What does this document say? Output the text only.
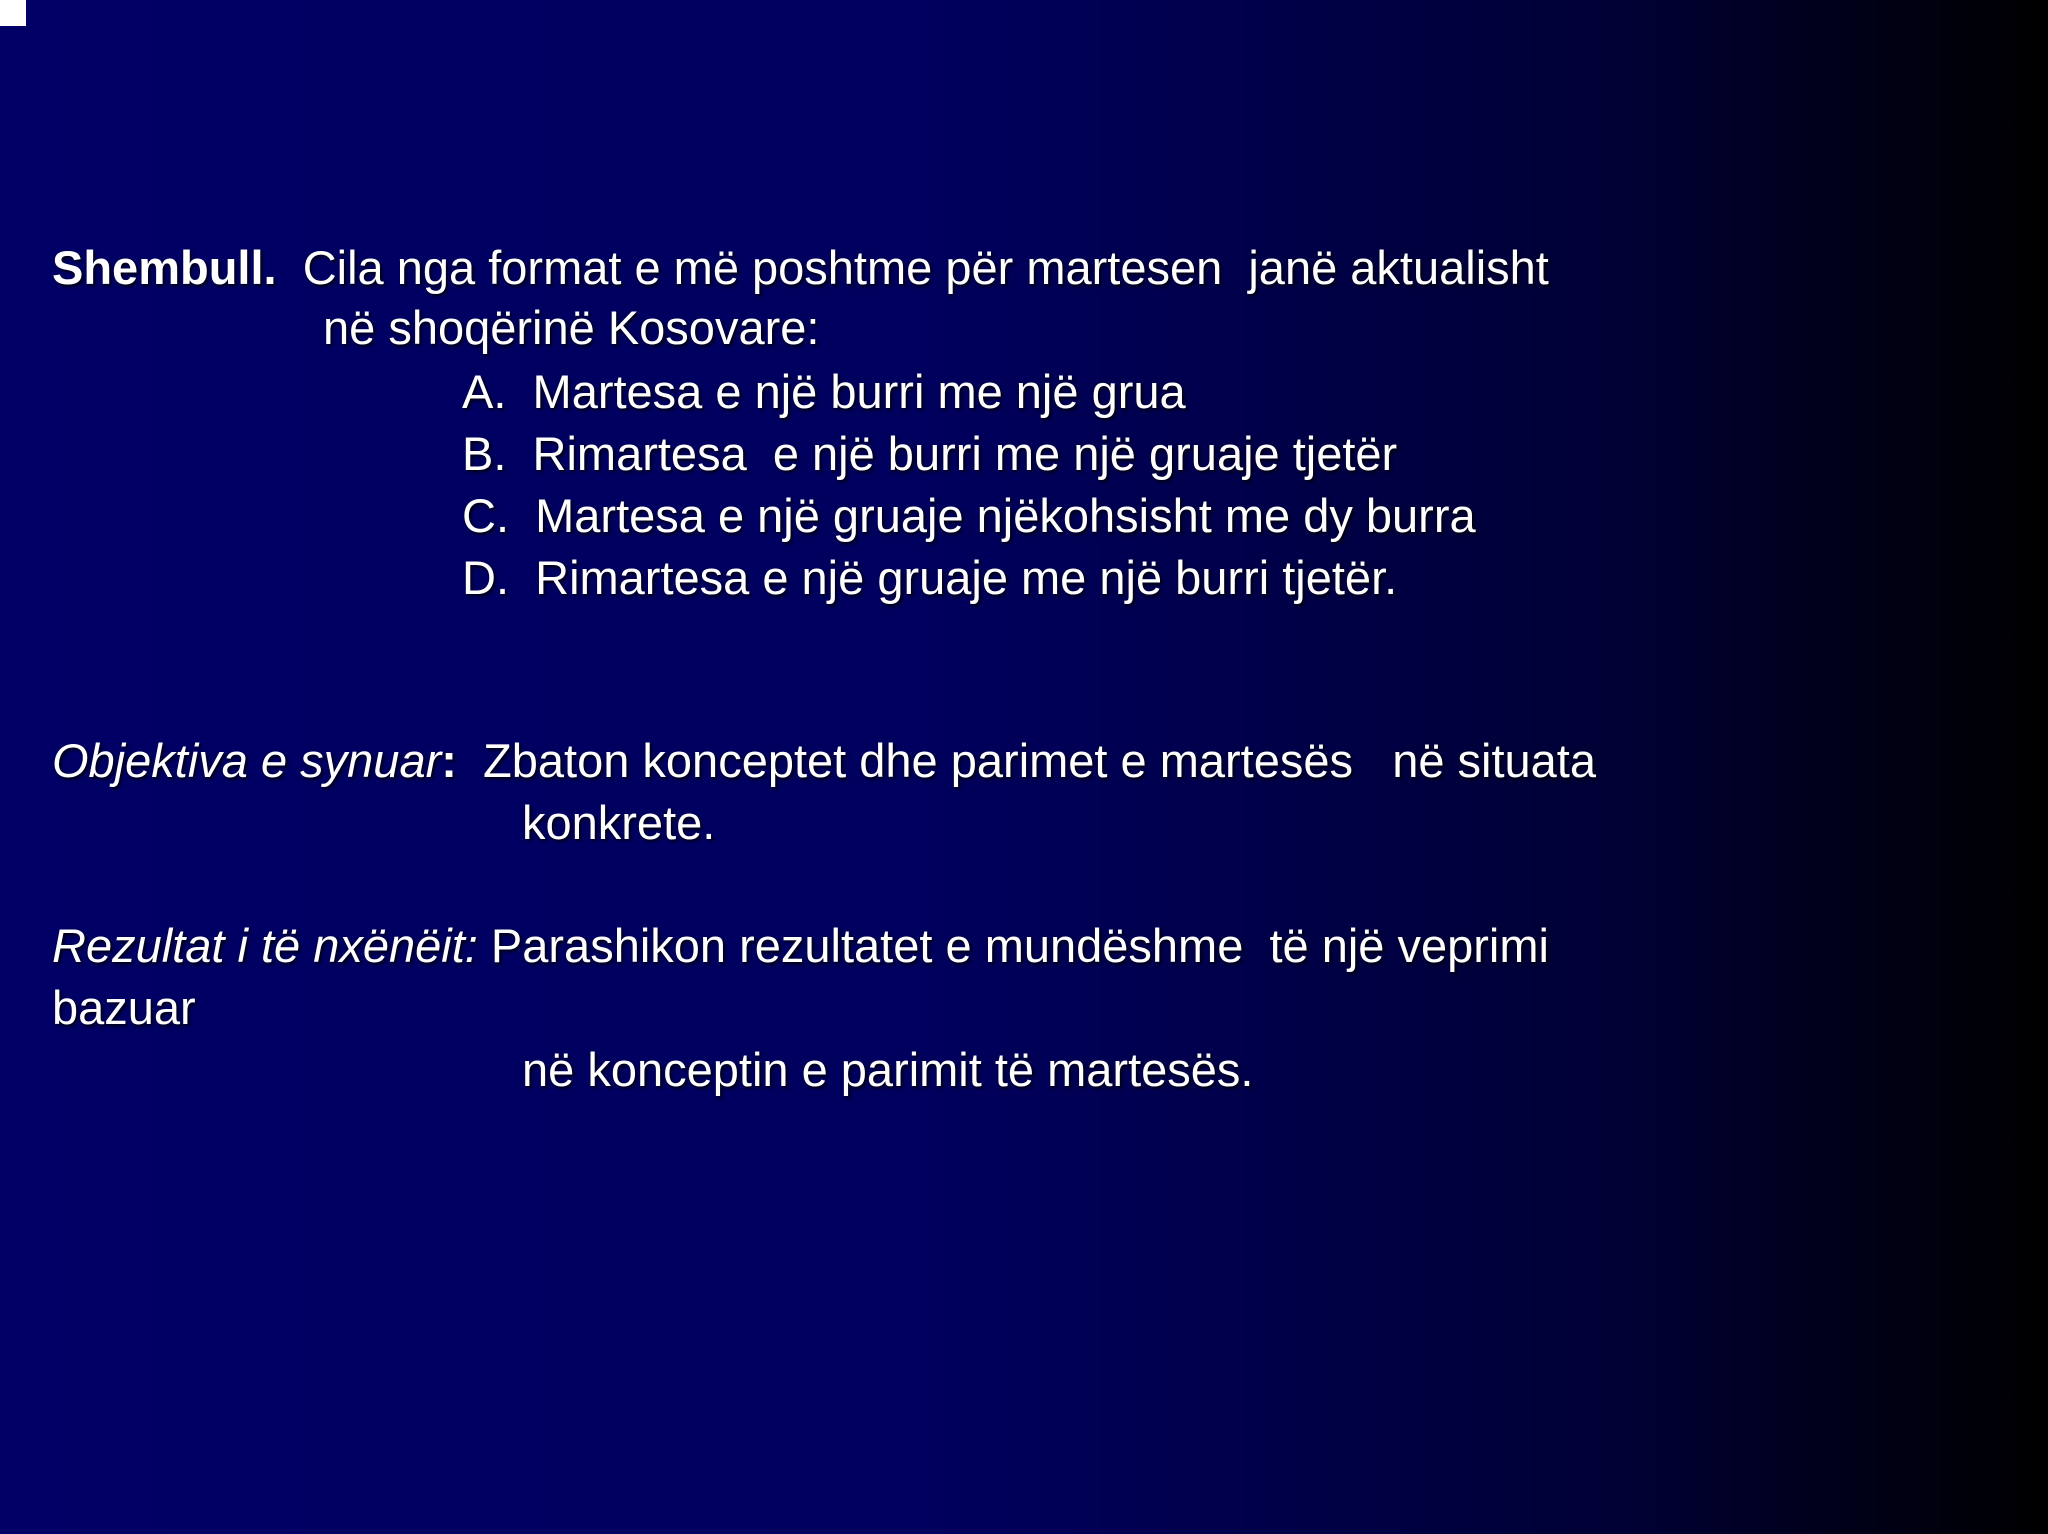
Shembull. Cila nga format e më poshtme për martesen  janë aktualisht
në shoqërinë Kosovare:
A. Martesa e një burri me një grua
B. Rimartesa  e një burri me një gruaje tjetër
C. Martesa e një gruaje njëkohsisht me dy burra
D. Rimartesa e një gruaje me një burri tjetër.
Objektiva e synuar: Zbaton konceptet dhe parimet e martesës   në situata
konkrete.
Rezultat i të nxënëit: Parashikon rezultatet e mundëshme  të një veprimi
bazuar
në konceptin e parimit të martesës.
